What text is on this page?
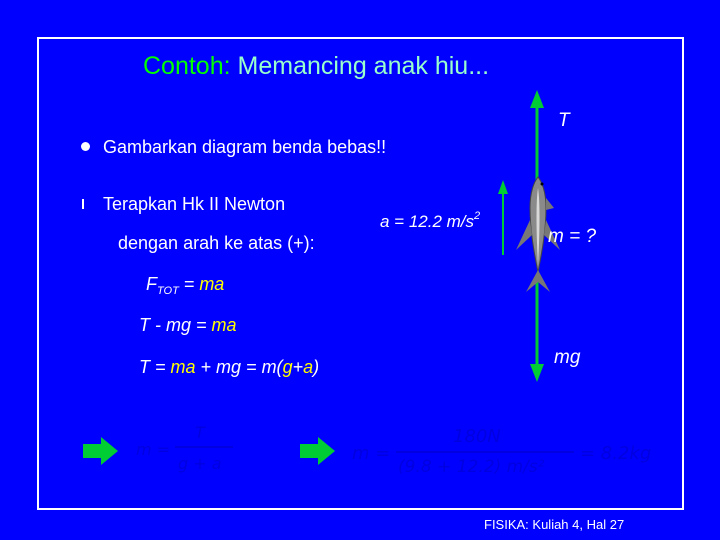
Contoh: Memancing anak hiu...
Gambarkan diagram benda bebas!!
Terapkan Hk II Newton
dengan arah ke atas (+):
$F_{TOT}$ = ma
T - mg = ma
T = ma + mg = m(g+a)
T
mg
a = 12.2 $m/s^2$
m = ?
m =
T
g + a	m =
180N
(9.8 + 12.2) m/s²
= 8.2kg
FISIKA: Kuliah 4, Hal 27
